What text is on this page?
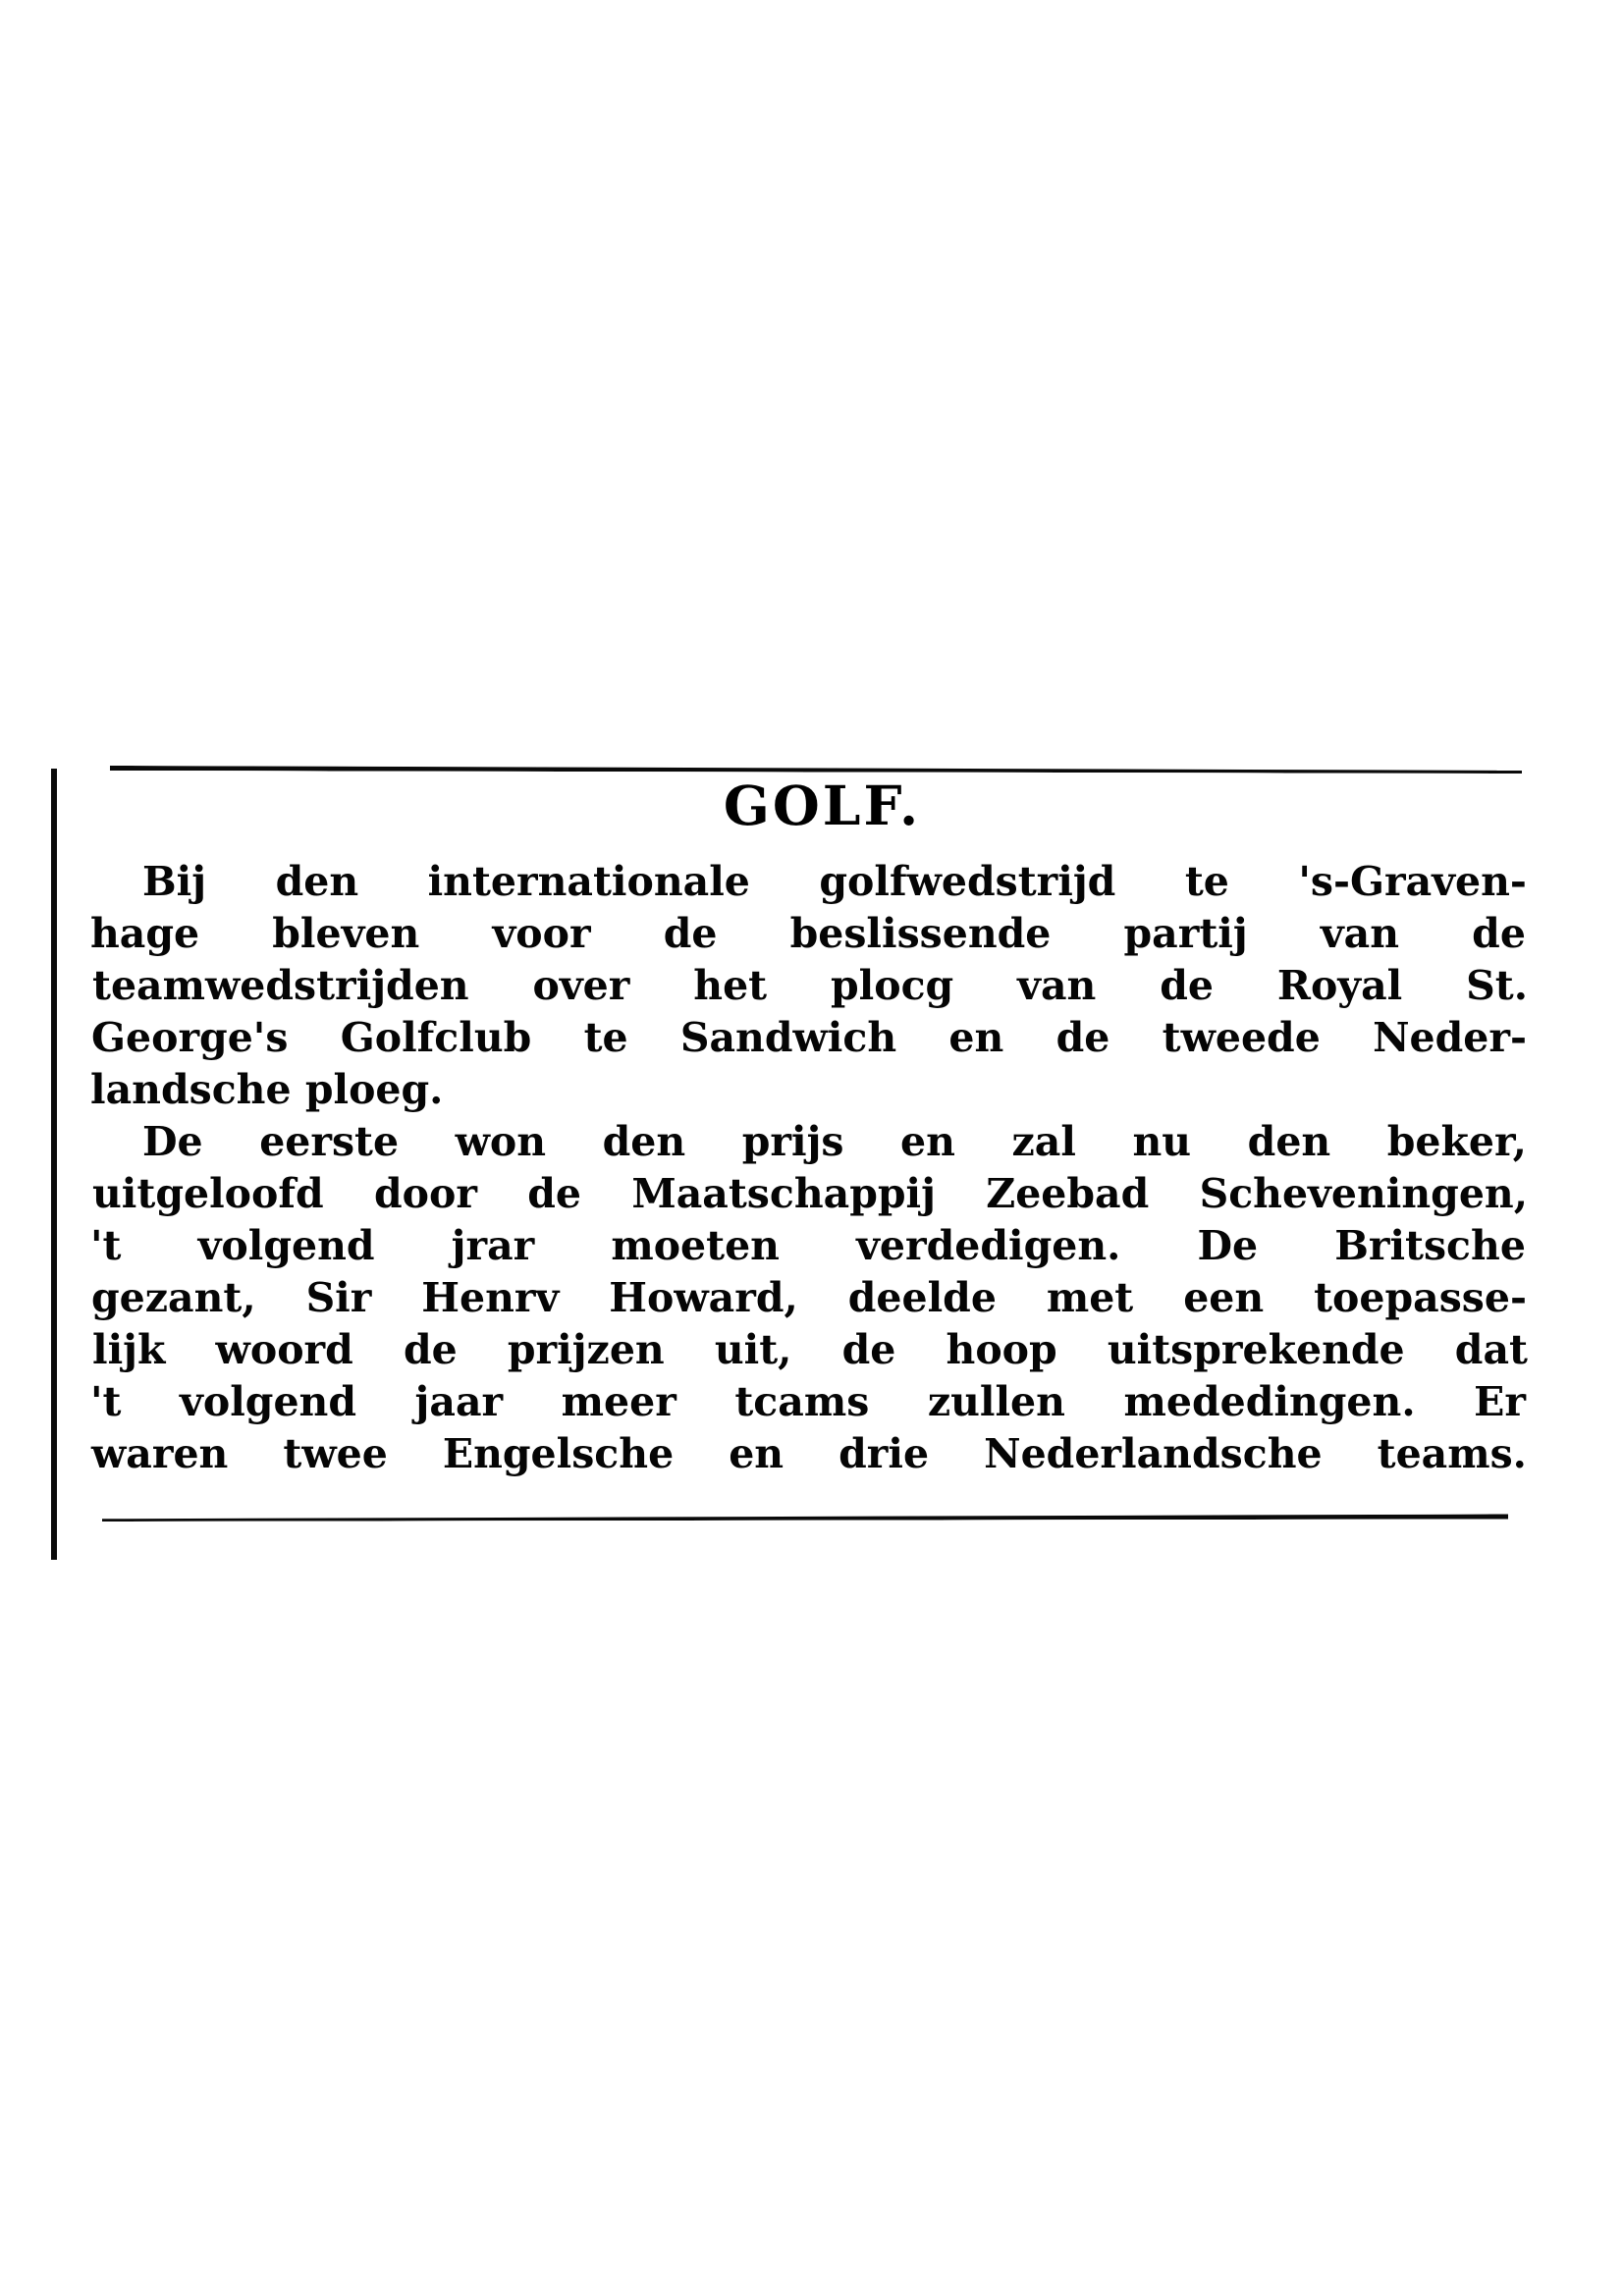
GOLF.
Bij den internationale golfwedstrijd te 's-Graven-
hage bleven voor de beslissende partij van de
teamwedstrijden over het plocg van de Royal St.
George's Golfclub te Sandwich en de tweede Neder-
landsche ploeg.
De eerste won den prijs en zal nu den beker,
uitgeloofd door de Maatschappij Zeebad Scheveningen,
't volgend jrar moeten verdedigen. De Britsche
gezant, Sir Henrv Howard, deelde met een toepasse-
lijk woord de prijzen uit, de hoop uitsprekende dat
't volgend jaar meer tcams zullen mededingen. Er
waren twee Engelsche en drie Nederlandsche teams.
